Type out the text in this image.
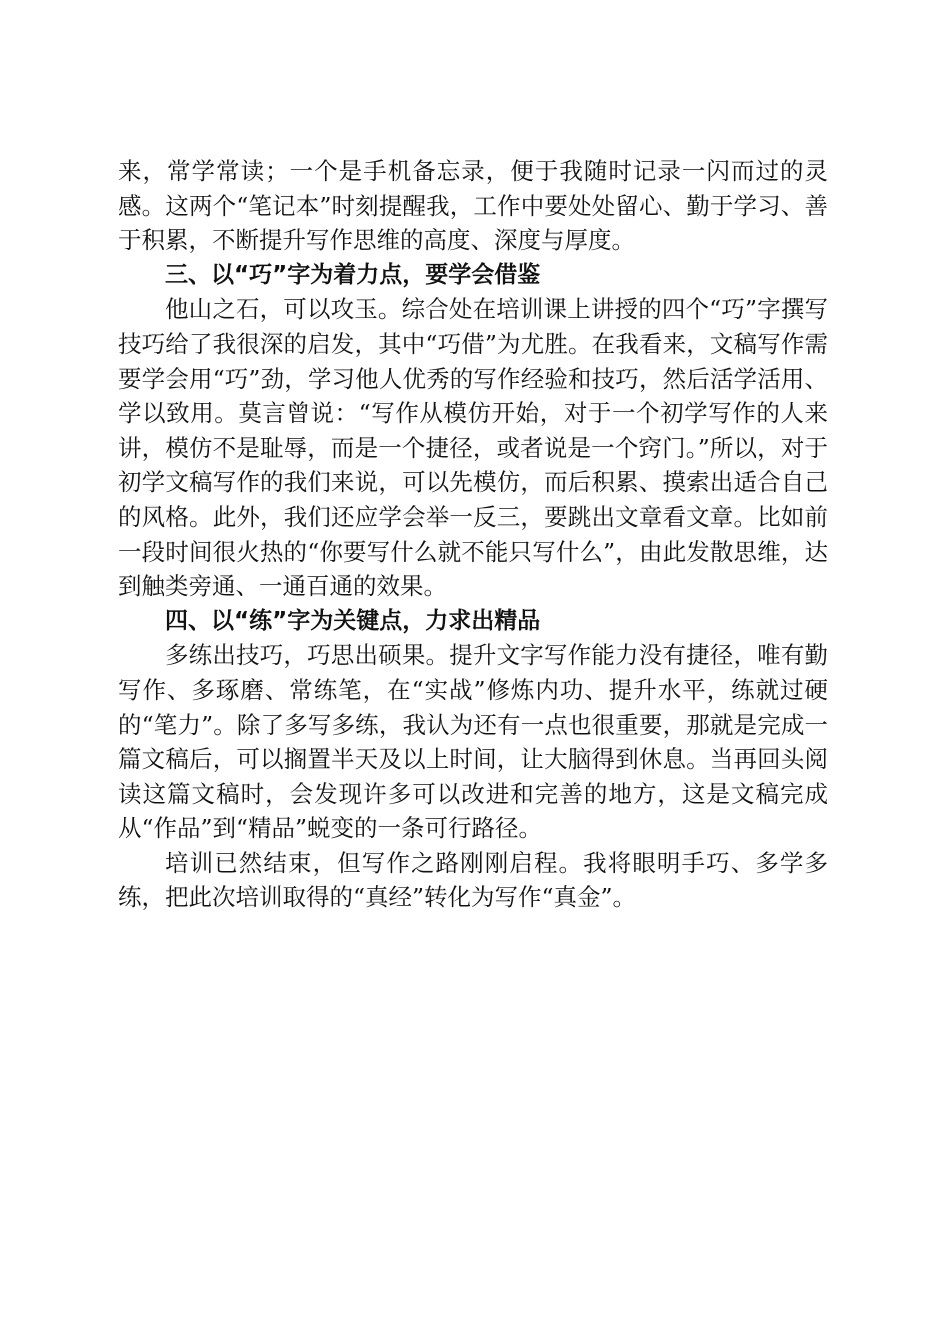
来，常学常读；一个是手机备忘录，便于我随时记录一闪而过的灵感。这两个“笔记本”时刻提醒我，工作中要处处留心、勤于学习、善于积累，不断提升写作思维的高度、深度与厚度。

三、以“巧”字为着力点，要学会借鉴

他山之石，可以攻玉。综合处在培训课上讲授的四个“巧”字撰写技巧给了我很深的启发，其中“巧借”为尤胜。在我看来，文稿写作需要学会用“巧”劲，学习他人优秀的写作经验和技巧，然后活学活用、学以致用。莫言曾说：“写作从模仿开始，对于一个初学写作的人来讲，模仿不是耻辱，而是一个捷径，或者说是一个窍门。”所以，对于初学文稿写作的我们来说，可以先模仿，而后积累、摸索出适合自己的风格。此外，我们还应学会举一反三，要跳出文章看文章。比如前一段时间很火热的“你要写什么就不能只写什么”，由此发散思维，达到触类旁通、一通百通的效果。

四、以“练”字为关键点，力求出精品

多练出技巧，巧思出硕果。提升文字写作能力没有捷径，唯有勤写作、多琢磨、常练笔，在“实战”修炼内功、提升水平，练就过硬的“笔力”。除了多写多练，我认为还有一点也很重要，那就是完成一篇文稿后，可以搁置半天及以上时间，让大脑得到休息。当再回头阅读这篇文稿时，会发现许多可以改进和完善的地方，这是文稿完成从“作品”到“精品”蜕变的一条可行路径。

培训已然结束，但写作之路刚刚启程。我将眼明手巧、多学多练，把此次培训取得的“真经”转化为写作“真金”。
